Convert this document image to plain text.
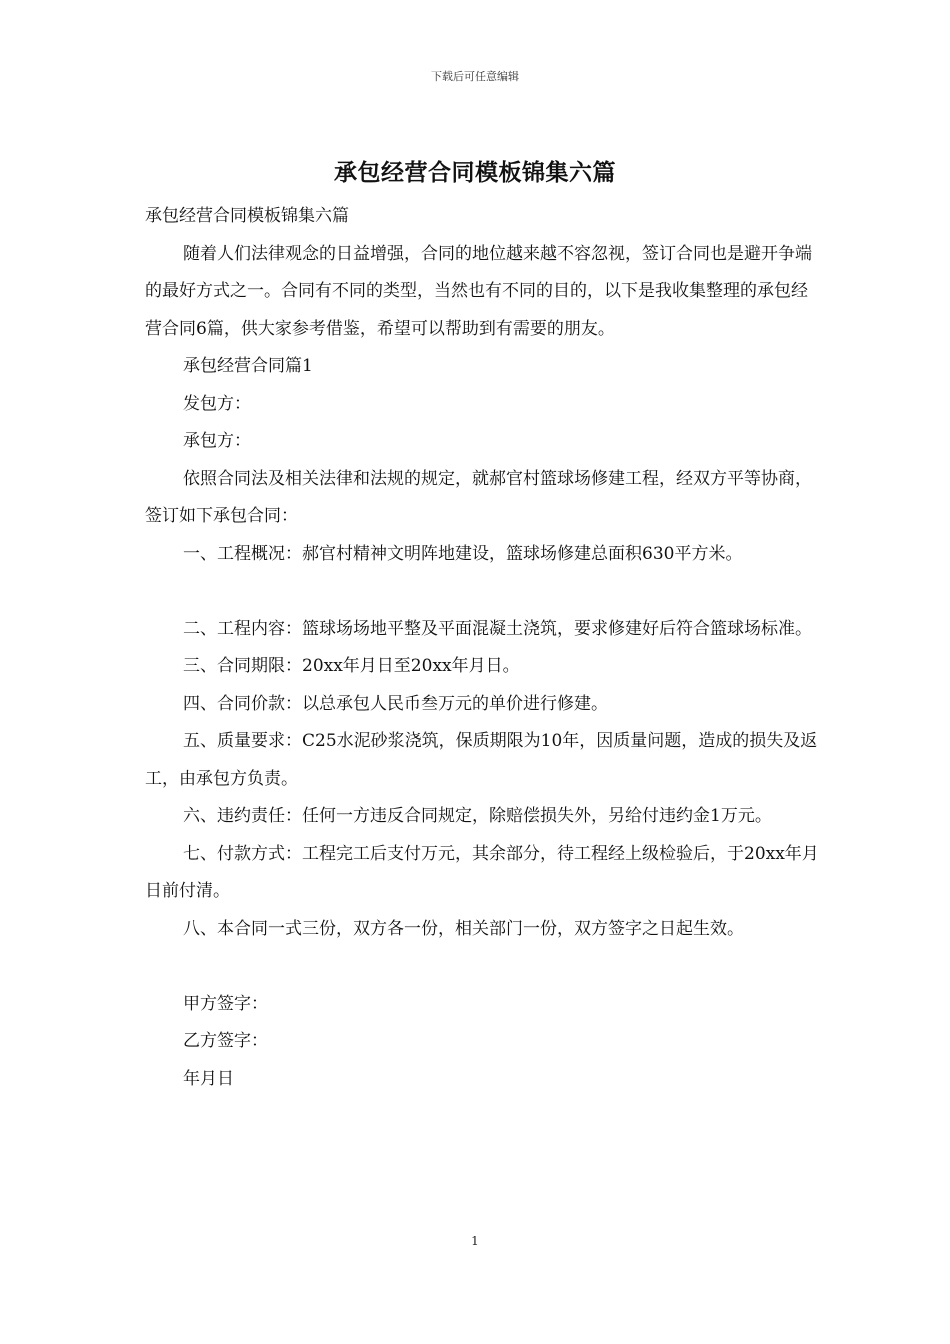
下载后可任意编辑
承包经营合同模板锦集六篇

承包经营合同模板锦集六篇

随着人们法律观念的日益增强，合同的地位越来越不容忽视，签订合同也是避开争端的最好方式之一。合同有不同的类型，当然也有不同的目的，以下是我收集整理的承包经营合同6篇，供大家参考借鉴，希望可以帮助到有需要的朋友。

承包经营合同篇1

发包方：

承包方：

依照合同法及相关法律和法规的规定，就郝官村篮球场修建工程，经双方平等协商，签订如下承包合同：

一、工程概况：郝官村精神文明阵地建设，篮球场修建总面积630平方米。

二、工程内容：篮球场场地平整及平面混凝土浇筑，要求修建好后符合篮球场标准。

三、合同期限：20xx年月日至20xx年月日。

四、合同价款：以总承包人民币叁万元的单价进行修建。

五、质量要求：C25水泥砂浆浇筑，保质期限为10年，因质量问题，造成的损失及返工，由承包方负责。

六、违约责任：任何一方违反合同规定，除赔偿损失外，另给付违约金1万元。

七、付款方式：工程完工后支付万元，其余部分，待工程经上级检验后，于20xx年月日前付清。

八、本合同一式三份，双方各一份，相关部门一份，双方签字之日起生效。

甲方签字：

乙方签字：

年月日

1
